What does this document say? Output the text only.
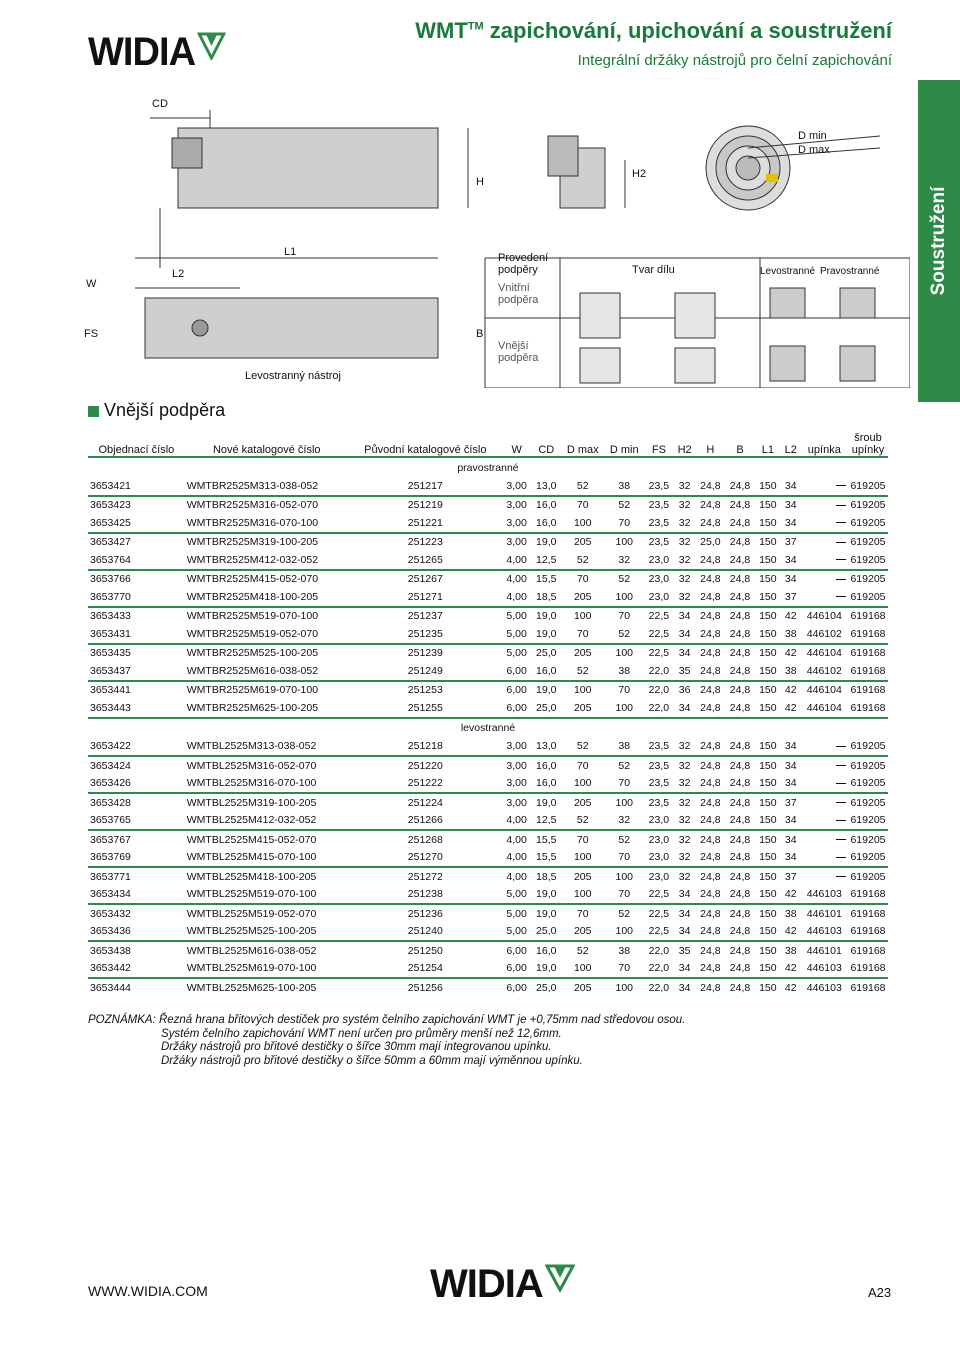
WIDIA	WMT™ zapichování, upichování a soustružení
Integrální držáky nástrojů pro čelní zapichování
Soustružení
CD
H
H2
D min
D max
W
L2
L1
FS	B
Levostranný nástroj
Provedení podpěry
Vnitřní podpěra
Vnější podpěra
Tvar dílu	Levostranné Pravostranné
Vnější podpěra
Objednací číslo	Nové katalogové číslo	Původní katalogové číslo	W	CD	D max	D min	FS	H2	H	B	L1	L2	upínka	šroub upínky
pravostranné														
3653421	WMTBR2525M313-038-052	251217	3,00	13,0	52	38	23,5	32	24,8	24,8	150	34		619205
3653423	WMTBR2525M316-052-070	251219	3,00	16,0	70	52	23,5	32	24,8	24,8	150	34		619205
3653425	WMTBR2525M316-070-100	251221	3,00	16,0	100	70	23,5	32	24,8	24,8	150	34		619205
3653427	WMTBR2525M319-100-205	251223	3,00	19,0	205	100	23,5	32	25,0	24,8	150	37		619205
3653764	WMTBR2525M412-032-052	251265	4,00	12,5	52	32	23,0	32	24,8	24,8	150	34		619205
3653766	WMTBR2525M415-052-070	251267	4,00	15,5	70	52	23,0	32	24,8	24,8	150	34		619205
3653770	WMTBR2525M418-100-205	251271	4,00	18,5	205	100	23,0	32	24,8	24,8	150	37		619205
3653433	WMTBR2525M519-070-100	251237	5,00	19,0	100	70	22,5	34	24,8	24,8	150	42	446104	619168
3653431	WMTBR2525M519-052-070	251235	5,00	19,0	70	52	22,5	34	24,8	24,8	150	38	446102	619168
3653435	WMTBR2525M525-100-205	251239	5,00	25,0	205	100	22,5	34	24,8	24,8	150	42	446104	619168
3653437	WMTBR2525M616-038-052	251249	6,00	16,0	52	38	22,0	35	24,8	24,8	150	38	446102	619168
3653441	WMTBR2525M619-070-100	251253	6,00	19,0	100	70	22,0	36	24,8	24,8	150	42	446104	619168
3653443	WMTBR2525M625-100-205	251255	6,00	25,0	205	100	22,0	34	24,8	24,8	150	42	446104	619168
levostranné														
3653422	WMTBL2525M313-038-052	251218	3,00	13,0	52	38	23,5	32	24,8	24,8	150	34		619205
3653424	WMTBL2525M316-052-070	251220	3,00	16,0	70	52	23,5	32	24,8	24,8	150	34		619205
3653426	WMTBL2525M316-070-100	251222	3,00	16,0	100	70	23,5	32	24,8	24,8	150	34		619205
3653428	WMTBL2525M319-100-205	251224	3,00	19,0	205	100	23,5	32	24,8	24,8	150	37		619205
3653765	WMTBL2525M412-032-052	251266	4,00	12,5	52	32	23,0	32	24,8	24,8	150	34		619205
3653767	WMTBL2525M415-052-070	251268	4,00	15,5	70	52	23,0	32	24,8	24,8	150	34		619205
3653769	WMTBL2525M415-070-100	251270	4,00	15,5	100	70	23,0	32	24,8	24,8	150	34		619205
3653771	WMTBL2525M418-100-205	251272	4,00	18,5	205	100	23,0	32	24,8	24,8	150	37		619205
3653434	WMTBL2525M519-070-100	251238	5,00	19,0	100	70	22,5	34	24,8	24,8	150	42	446103	619168
3653432	WMTBL2525M519-052-070	251236	5,00	19,0	70	52	22,5	34	24,8	24,8	150	38	446101	619168
3653436	WMTBL2525M525-100-205	251240	5,00	25,0	205	100	22,5	34	24,8	24,8	150	42	446103	619168
3653438	WMTBL2525M616-038-052	251250	6,00	16,0	52	38	22,0	35	24,8	24,8	150	38	446101	619168
3653442	WMTBL2525M619-070-100	251254	6,00	19,0	100	70	22,0	34	24,8	24,8	150	42	446103	619168
3653444	WMTBL2525M625-100-205	251256	6,00	25,0	205	100	22,0	34	24,8	24,8	150	42	446103	619168
POZNÁMKA: Řezná hrana břitových destiček pro systém čelního zapichování WMT je +0,75mm nad středovou osou.
Systém čelního zapichování WMT není určen pro průměry menší než 12,6mm.
Držáky nástrojů pro břitové destičky o šířce 30mm mají integrovanou upínku.
Držáky nástrojů pro břitové destičky o šířce 50mm a 60mm mají výměnnou upínku.
WWW.WIDIA.COM	WIDIA	A23
